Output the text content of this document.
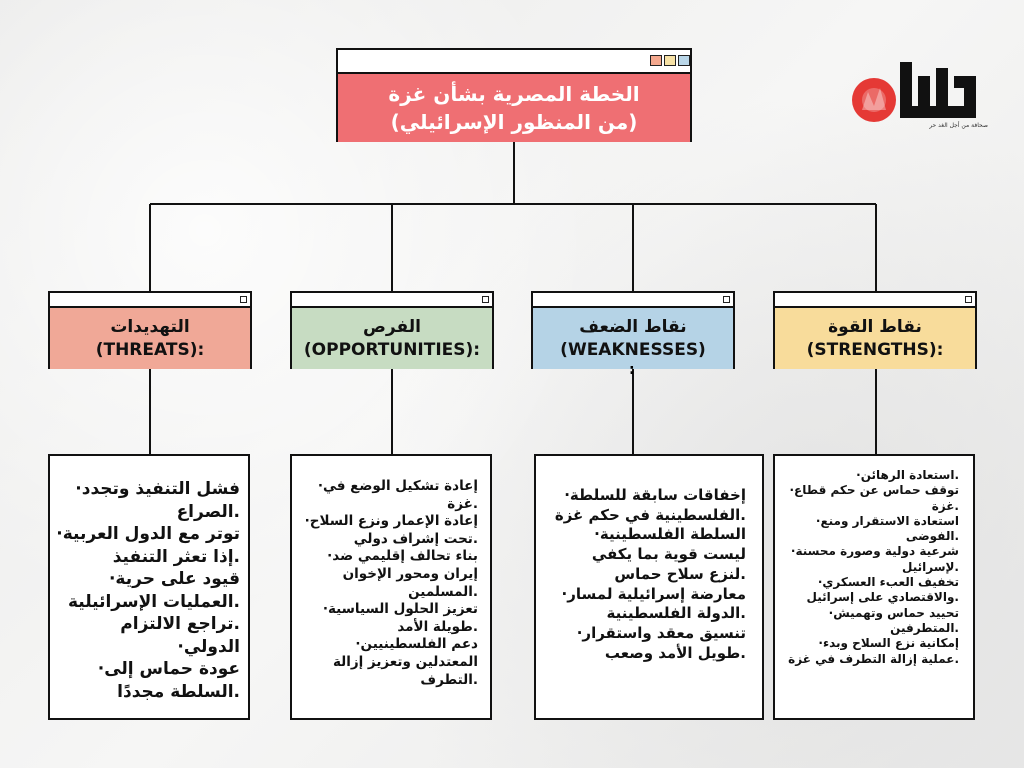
الخطة المصرية بشأن غزة
(من المنظور الإسرائيلي)	صحافة من أجل الغد حر
التهديدات
(THREATS):
الفرص
(OPPORTUNITIES):
نقاط الضعف
(WEAKNESSES)
:
نقاط القوة
(STRENGTHS):

فشل التنفيذ وتجدد·

.الصراع

توتر مع الدول العربية·

.إذا تعثر التنفيذ

قيود على حرية·

.العمليات الإسرائيلية

.تراجع الالتزام الدولي·

عودة حماس إلى·

.السلطة مجددًا

إعادة تشكيل الوضع في·

.غزة

إعادة الإعمار ونزع السلاح·

.تحت إشراف دولي

بناء تحالف إقليمي ضد·

إيران ومحور الإخوان

.المسلمين

تعزيز الحلول السياسية·

.طويلة الأمد

دعم الفلسطينيين·

المعتدلين وتعزيز إزالة

.التطرف

إخفاقات سابقة للسلطة·

.الفلسطينية في حكم غزة

السلطة الفلسطينية·

ليست قوية بما يكفي

.لنزع سلاح حماس

معارضة إسرائيلية لمسار·

.الدولة الفلسطينية

تنسيق معقد واستقرار·

.طويل الأمد وصعب

.استعادة الرهائن·

توقف حماس عن حكم قطاع·

.غزة

استعادة الاستقرار ومنع·

.الفوضى

شرعية دولية وصورة محسنة·

.لإسرائيل

تخفيف العبء العسكري·

.والاقتصادي على إسرائيل

تحييد حماس وتهميش·

.المتطرفين

إمكانية نزع السلاح وبدء·

.عملية إزالة التطرف في غزة
